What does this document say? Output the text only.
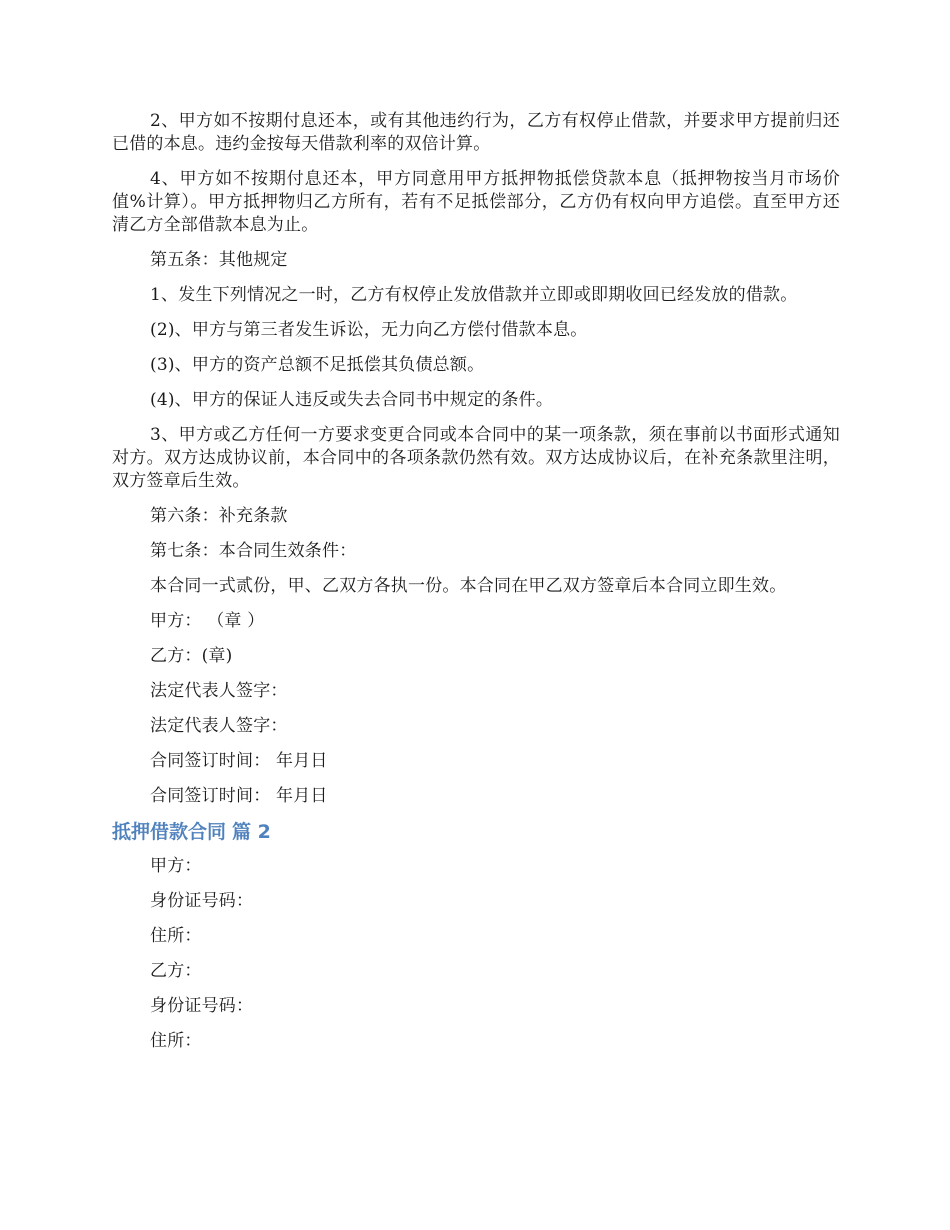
2、甲方如不按期付息还本，或有其他违约行为，乙方有权停止借款，并要求甲方提前归还已借的本息。违约金按每天借款利率的双倍计算。

4、甲方如不按期付息还本，甲方同意用甲方抵押物抵偿贷款本息（抵押物按当月市场价值%计算）。甲方抵押物归乙方所有，若有不足抵偿部分，乙方仍有权向甲方追偿。直至甲方还清乙方全部借款本息为止。

第五条：其他规定

1、发生下列情况之一时，乙方有权停止发放借款并立即或即期收回已经发放的借款。

(2)、甲方与第三者发生诉讼，无力向乙方偿付借款本息。
(3)、甲方的资产总额不足抵偿其负债总额。
(4)、甲方的保证人违反或失去合同书中规定的条件。

3、甲方或乙方任何一方要求变更合同或本合同中的某一项条款，须在事前以书面形式通知对方。双方达成协议前，本合同中的各项条款仍然有效。双方达成协议后，在补充条款里注明，双方签章后生效。

第六条：补充条款
第七条：本合同生效条件：
本合同一式贰份，甲、乙双方各执一份。本合同在甲乙双方签章后本合同立即生效。
甲方： （章 ）
乙方：(章)
法定代表人签字：
法定代表人签字：
合同签订时间： 年月日
合同签订时间： 年月日
抵押借款合同 篇 2
甲方：
身份证号码：
住所：
乙方：
身份证号码：
住所：
